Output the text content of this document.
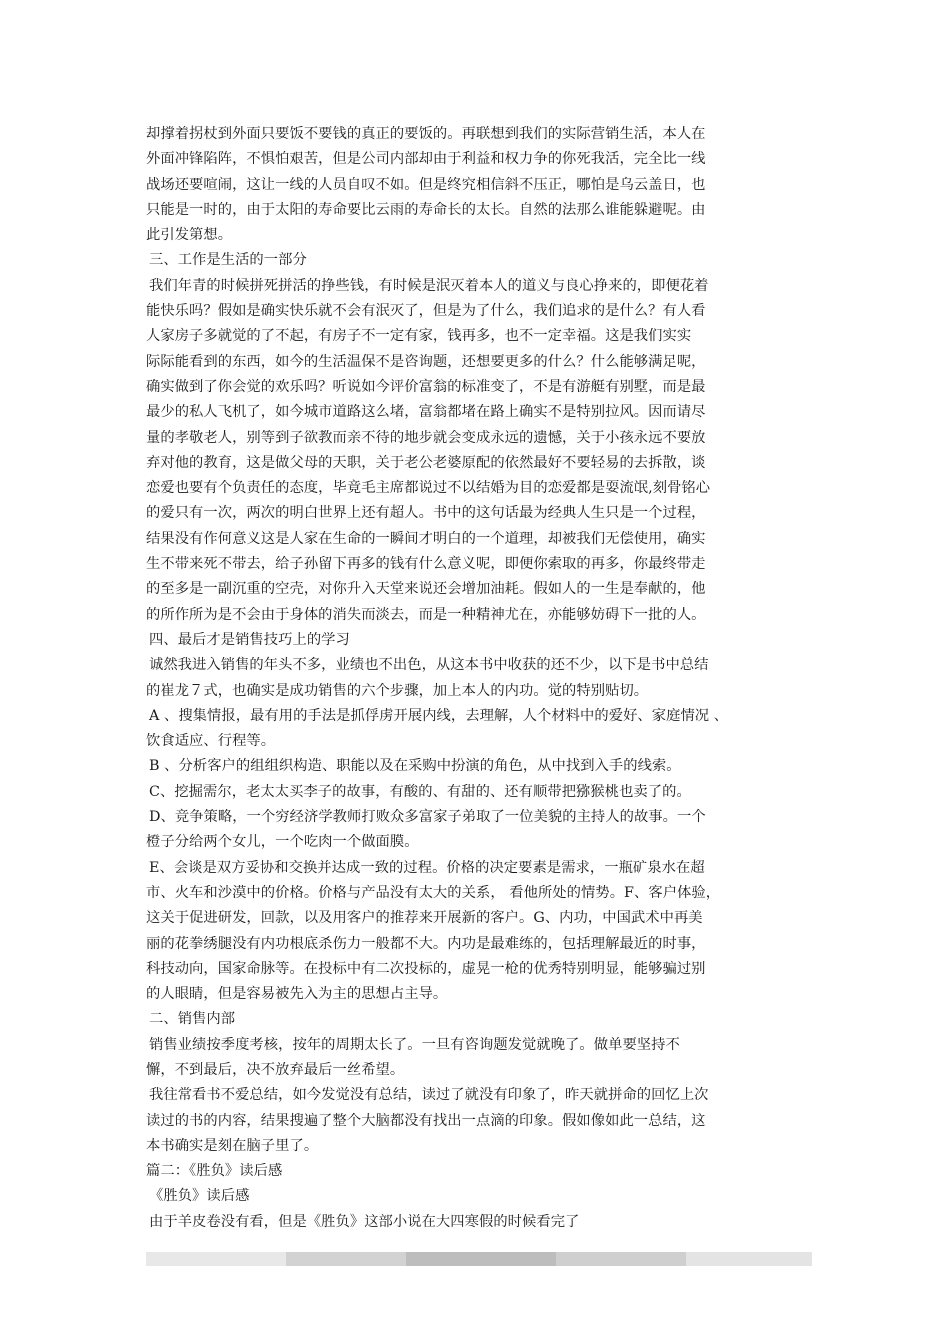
却撑着拐杖到外面只要饭不要钱的真正的要饭的。再联想到我们的实际营销生活，本人在

外面冲锋陷阵，不惧怕艰苦，但是公司内部却由于利益和权力争的你死我活，完全比一线

战场还要喧闹，这让一线的人员自叹不如。但是终究相信斜不压正，哪怕是乌云盖日，也

只能是一时的，由于太阳的寿命要比云雨的寿命长的太长。自然的法那么谁能躲避呢。由

此引发第想。

三、工作是生活的一部分

我们年青的时候拼死拼活的挣些钱，有时候是泯灭着本人的道义与良心挣来的，即便花着

能快乐吗？假如是确实快乐就不会有泯灭了，但是为了什么，我们追求的是什么？有人看

人家房子多就觉的了不起，有房子不一定有家，钱再多，也不一定幸福。这是我们实实

际际能看到的东西，如今的生活温保不是咨询题，还想要更多的什么？什么能够满足呢，

确实做到了你会觉的欢乐吗？听说如今评价富翁的标准变了，不是有游艇有别墅，而是最

最少的私人飞机了，如今城市道路这么堵，富翁都堵在路上确实不是特别拉风。因而请尽

量的孝敬老人，别等到子欲教而亲不待的地步就会变成永远的遗憾，关于小孩永远不要放

弃对他的教育，这是做父母的天职，关于老公老婆原配的依然最好不要轻易的去拆散，谈

恋爱也要有个负责任的态度，毕竟毛主席都说过不以结婚为目的恋爱都是耍流氓,刻骨铭心

的爱只有一次，两次的明白世界上还有超人。书中的这句话最为经典人生只是一个过程，

结果没有作何意义这是人家在生命的一瞬间才明白的一个道理，却被我们无偿使用，确实

生不带来死不带去，给子孙留下再多的钱有什么意义呢，即便你索取的再多，你最终带走

的至多是一副沉重的空壳，对你升入天堂来说还会增加油耗。假如人的一生是奉献的，他

的所作所为是不会由于身体的消失而淡去，而是一种精神尤在，亦能够妨碍下一批的人。

四、最后才是销售技巧上的学习

诚然我进入销售的年头不多，业绩也不出色，从这本书中收获的还不少，以下是书中总结

的崔龙７式，也确实是成功销售的六个步骤，加上本人的内功。觉的特别贴切。

A 、搜集情报，最有用的手法是抓俘虏开展内线，去理解，人个材料中的爱好、家庭情况 、

饮食适应、行程等。

B 、分析客户的组组织构造、职能以及在采购中扮演的角色，从中找到入手的线索。

C、挖掘需尔，老太太买李子的故事，有酸的、有甜的、还有顺带把猕猴桃也卖了的。

D、竞争策略，一个穷经济学教师打败众多富家子弟取了一位美貌的主持人的故事。一个

橙子分给两个女儿，一个吃肉一个做面膜。

E、会谈是双方妥协和交换并达成一致的过程。价格的决定要素是需求，一瓶矿泉水在超

市、火车和沙漠中的价格。价格与产品没有太大的关系， 看他所处的情势。F、客户体验，

这关于促进研发，回款，以及用客户的推荐来开展新的客户。G、内功，中国武术中再美

丽的花拳绣腿没有内功根底杀伤力一般都不大。内功是最难练的，包括理解最近的时事，

科技动向，国家命脉等。在投标中有二次投标的，虚晃一枪的优秀特别明显，能够骗过别

的人眼睛，但是容易被先入为主的思想占主导。

二、销售内部

销售业绩按季度考核，按年的周期太长了。一旦有咨询题发觉就晚了。做单要坚持不

懈，不到最后，决不放弃最后一丝希望。

我往常看书不爱总结，如今发觉没有总结，读过了就没有印象了，昨天就拼命的回忆上次

读过的书的内容，结果搜遍了整个大脑都没有找出一点滴的印象。假如像如此一总结，这

本书确实是刻在脑子里了。

篇二：《胜负》读后感

《胜负》读后感

由于羊皮卷没有看，但是《胜负》这部小说在大四寒假的时候看完了
